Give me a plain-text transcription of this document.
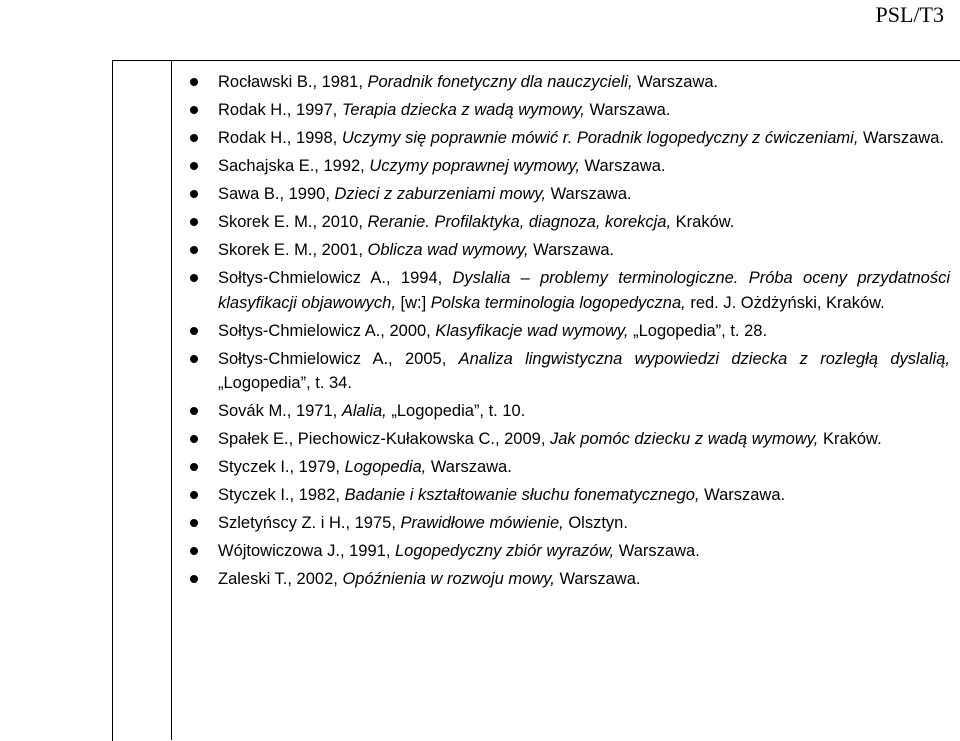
PSL/T3
Rocławski B., 1981, Poradnik fonetyczny dla nauczycieli, Warszawa.
Rodak H., 1997, Terapia dziecka z wadą wymowy, Warszawa.
Rodak H., 1998, Uczymy się poprawnie mówić r. Poradnik logopedyczny z ćwiczeniami, Warszawa.
Sachajska E., 1992, Uczymy poprawnej wymowy, Warszawa.
Sawa B., 1990, Dzieci z zaburzeniami mowy, Warszawa.
Skorek E. M., 2010, Reranie. Profilaktyka, diagnoza, korekcja, Kraków.
Skorek E. M., 2001, Oblicza wad wymowy, Warszawa.
Sołtys-Chmielowicz A., 1994, Dyslalia – problemy terminologiczne. Próba oceny przydatności klasyfikacji objawowych, [w:] Polska terminologia logopedyczna, red. J. Ożdżyński, Kraków.
Sołtys-Chmielowicz A., 2000, Klasyfikacje wad wymowy, „Logopedia”, t. 28.
Sołtys-Chmielowicz A., 2005, Analiza lingwistyczna wypowiedzi dziecka z rozległą dyslalią, „Logopedia”, t. 34.
Sovák M., 1971, Alalia, „Logopedia”, t. 10.
Spałek E., Piechowicz-Kułakowska C., 2009, Jak pomóc dziecku z wadą wymowy, Kraków.
Styczek I., 1979, Logopedia, Warszawa.
Styczek I., 1982, Badanie i kształtowanie słuchu fonematycznego, Warszawa.
Szletyńscy Z. i H., 1975, Prawidłowe mówienie, Olsztyn.
Wójtowiczowa J., 1991, Logopedyczny zbiór wyrazów, Warszawa.
Zaleski T., 2002, Opóźnienia w rozwoju mowy, Warszawa.
